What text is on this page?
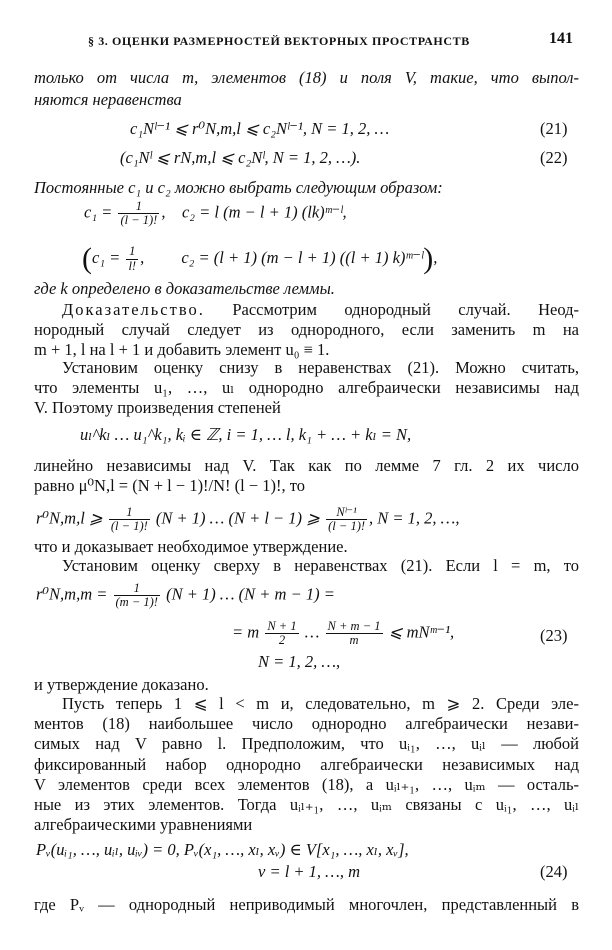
§ 3. ОЦЕНКИ РАЗМЕРНОСТЕЙ ВЕКТОРНЫХ ПРОСТРАНСТВ	141
только от числа m, элементов (18) и поля V, такие, что выпол-
няются неравенства
c₁Nˡ⁻¹ ⩽ r⁰N,m,l ⩽ c₂Nˡ⁻¹, N = 1, 2, …	(21)
(c₁Nˡ ⩽ rN,m,l ⩽ c₂Nˡ, N = 1, 2, …).	(22)
Постоянные c₁ и c₂ можно выбрать следующим образом:
$c_1 = \frac{1}{(l - 1)!}$ ,    c₂ = l (m − l + 1) (lk)ᵐ⁻ˡ,
($c_1 = \frac{1}{l!}$ ,         c₂ = (l + 1) (m − l + 1) ((l + 1) k)ᵐ⁻ˡ),
где k определено в доказательстве леммы.
Доказательство. Рассмотрим однородный случай. Неод-
нородный случай следует из однородного, если заменить m на
m + 1, l на l + 1 и добавить элемент u₀ ≡ 1.
Установим оценку снизу в неравенствах (21). Можно считать,
что элементы u₁, …, uₗ однородно алгебраически независимы над
V. Поэтому произведения степеней
uₗ^kₗ … u₁^k₁, kᵢ ∈ ℤ, i = 1, … l, k₁ + … + kₗ = N,
линейно независимы над V. Так как по лемме 7 гл. 2 их число
равно μ⁰N,l = (N + l − 1)!/N! (l − 1)!, то
r⁰N,m,l ⩾ $\frac{1}{(l - 1)!} (N + 1)$ … (N + l − 1) ⩾ $\frac{\text{Nˡ⁻¹}}{(l - 1)!}$ , N = 1, 2, …,
что и доказывает необходимое утверждение.
Установим оценку сверху в неравенствах (21). Если l = m, то
$r^0N,m,m = \frac{1}{(m - 1)!} (N + 1)$ … (N + m − 1) =
= m $\frac{N + 1}{2}$ … $\frac{N + m - 1}{m}$ ⩽ mNᵐ⁻¹,	(23)
N = 1, 2, …,
и утверждение доказано.
Пусть теперь 1 ⩽ l < m и, следовательно, m ⩾ 2. Среди эле-
ментов (18) наибольшее число однородно алгебраически незави-
симых над V равно l. Предположим, что uᵢ₁, …, uᵢₗ — любой
фиксированный набор однородно алгебраически независимых над
V элементов среди всех элементов (18), а uᵢₗ₊₁, …, uᵢₘ — осталь-
ные из этих элементов. Тогда uᵢₗ₊₁, …, uᵢₘ связаны с uᵢ₁, …, uᵢₗ
алгебраическими уравнениями
Pᵥ(uᵢ₁, …, uᵢₗ, uᵢᵥ) = 0, Pᵥ(x₁, …, xₗ, xᵥ) ∈ V[x₁, …, xₗ, xᵥ],
ν = l + 1, …, m	(24)
где Pᵥ — однородный неприводимый многочлен, представленный в
